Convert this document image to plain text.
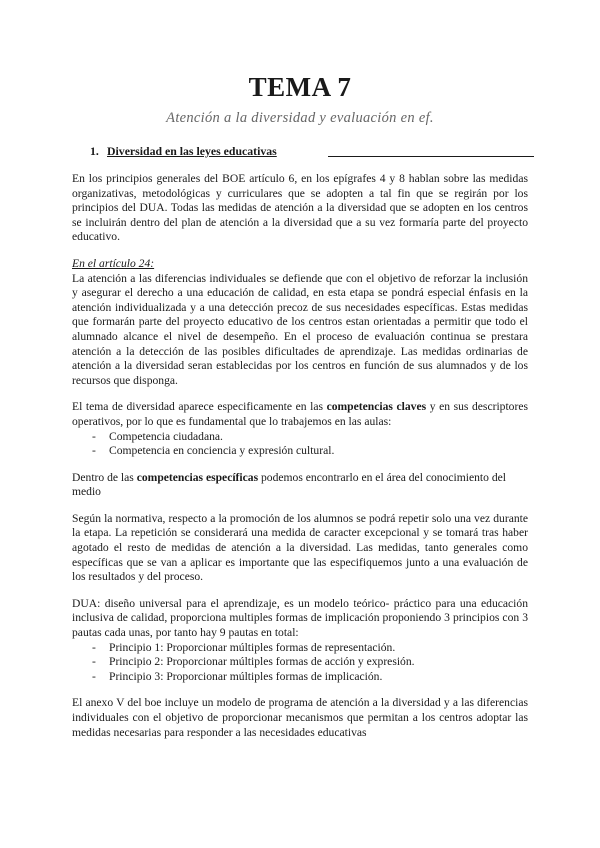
TEMA 7
Atención a la diversidad y evaluación en ef.
1. Diversidad en las leyes educativas

En los principios generales del BOE artículo 6, en los epígrafes 4 y 8 hablan sobre las medidas organizativas, metodológicas y curriculares que se adopten a tal fin que se regirán por los principios del DUA. Todas las medidas de atención a la diversidad que se adopten en los centros se incluirán dentro del plan de atención a la diversidad que a su vez formaría parte del proyecto educativo.

En el artículo 24:

La atención a las diferencias individuales se defiende que con el objetivo de reforzar la inclusión y asegurar el derecho a una educación de calidad, en esta etapa se pondrá especial énfasis en la atención individualizada y a una detección precoz de sus necesidades específicas. Estas medidas que formarán parte del proyecto educativo de los centros estan orientadas a permitir que todo el alumnado alcance el nivel de desempeño. En el proceso de evaluación continua se prestara atención a la detección de las posibles dificultades de aprendizaje. Las medidas ordinarias de atención a la diversidad seran establecidas por los centros en función de sus alumnados y de los recursos que disponga.

El tema de diversidad aparece especificamente en las competencias claves y en sus descriptores operativos, por lo que es fundamental que lo trabajemos en las aulas:

- Competencia ciudadana.
- Competencia en conciencia y expresión cultural.

Dentro de las competencias específicas podemos encontrarlo en el área del conocimiento del medio

Según la normativa, respecto a la promoción de los alumnos se podrá repetir solo una vez durante la etapa. La repetición se considerará una medida de caracter excepcional y se tomará tras haber agotado el resto de medidas de atención a la diversidad. Las medidas, tanto generales como específicas que se van a aplicar es importante que las especifiquemos junto a una evaluación de los resultados y del proceso.

DUA: diseño universal para el aprendizaje, es un modelo teórico- práctico para una educación inclusiva de calidad, proporciona multiples formas de implicación proponiendo 3 principios con 3 pautas cada unas, por tanto hay 9 pautas en total:

- Principio 1: Proporcionar múltiples formas de representación.
- Principio 2: Proporcionar múltiples formas de acción y expresión.
- Principio 3: Proporcionar múltiples formas de implicación.

El anexo V del boe incluye un modelo de programa de atención a la diversidad y a las diferencias individuales con el objetivo de proporcionar mecanismos que permitan a los centros adoptar las medidas necesarias para responder a las necesidades educativas
